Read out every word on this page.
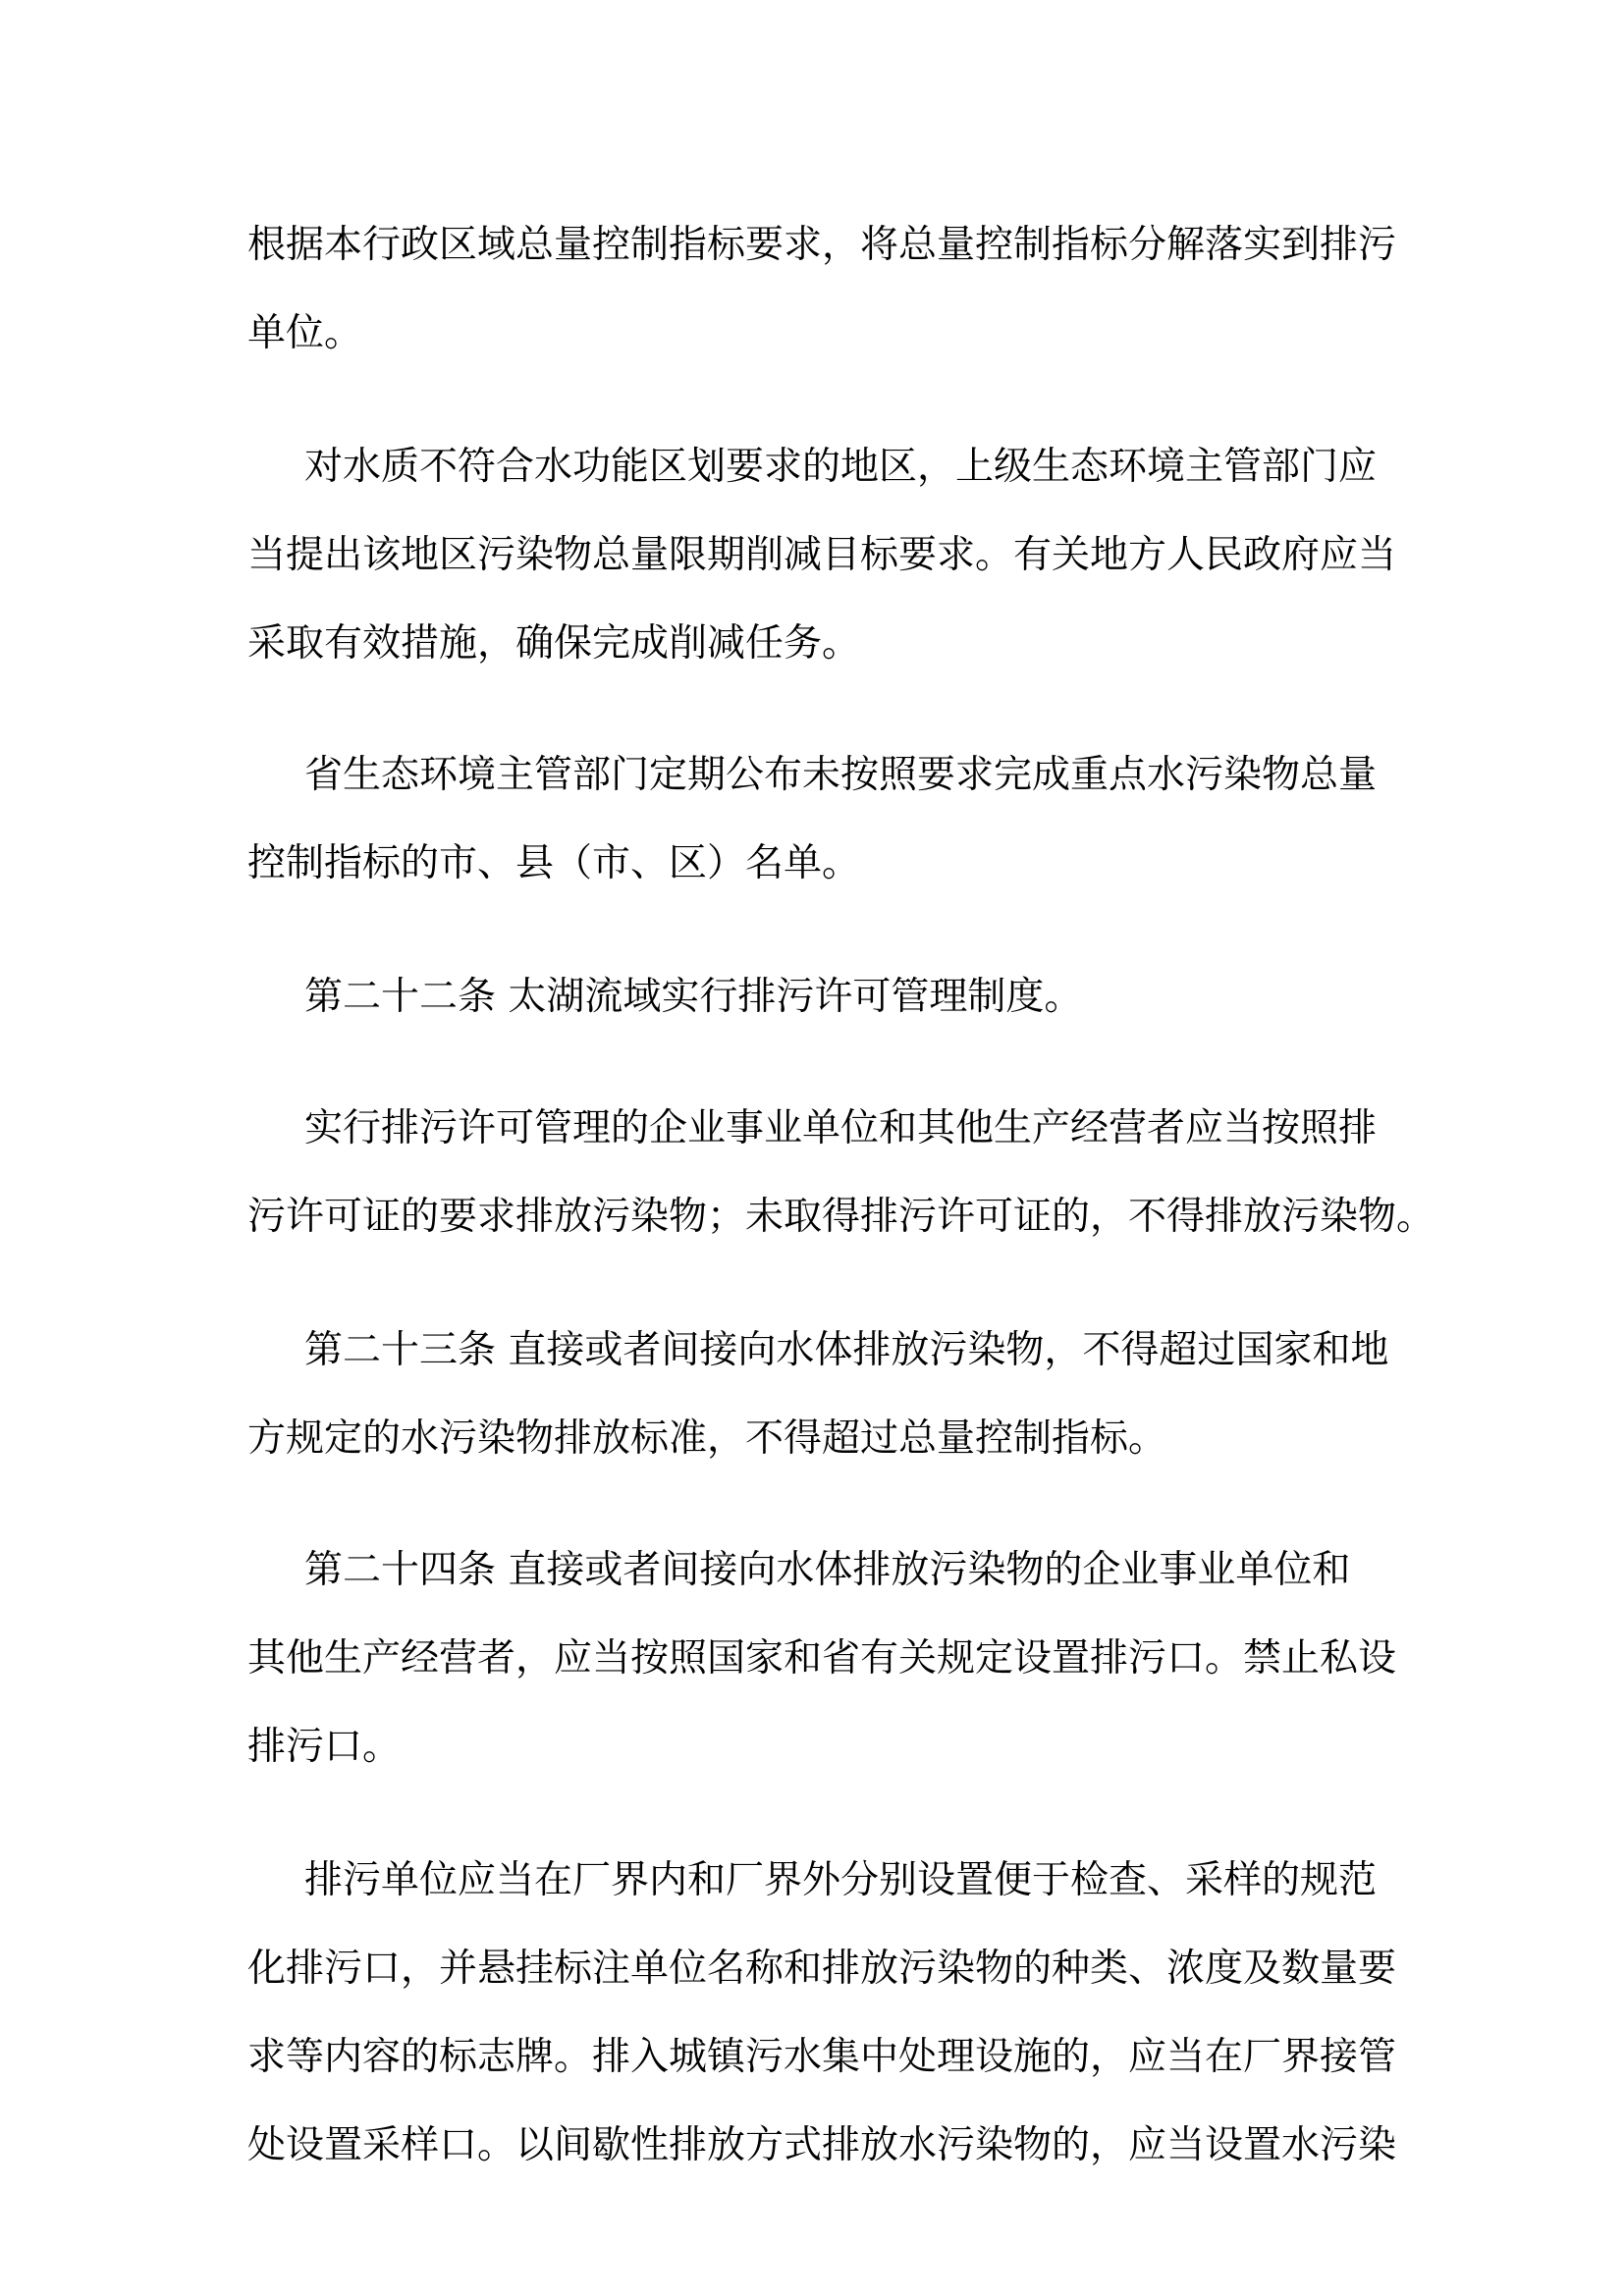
根据本行政区域总量控制指标要求，将总量控制指标分解落实到排污
单位。
对水质不符合水功能区划要求的地区，上级生态环境主管部门应
当提出该地区污染物总量限期削减目标要求。有关地方人民政府应当
采取有效措施，确保完成削减任务。
省生态环境主管部门定期公布未按照要求完成重点水污染物总量
控制指标的市、县（市、区）名单。
第二十二条 太湖流域实行排污许可管理制度。
实行排污许可管理的企业事业单位和其他生产经营者应当按照排
污许可证的要求排放污染物；未取得排污许可证的，不得排放污染物。
第二十三条 直接或者间接向水体排放污染物，不得超过国家和地
方规定的水污染物排放标准，不得超过总量控制指标。
第二十四条 直接或者间接向水体排放污染物的企业事业单位和
其他生产经营者，应当按照国家和省有关规定设置排污口。禁止私设
排污口。
排污单位应当在厂界内和厂界外分别设置便于检查、采样的规范
化排污口，并悬挂标注单位名称和排放污染物的种类、浓度及数量要
求等内容的标志牌。排入城镇污水集中处理设施的，应当在厂界接管
处设置采样口。以间歇性排放方式排放水污染物的，应当设置水污染
